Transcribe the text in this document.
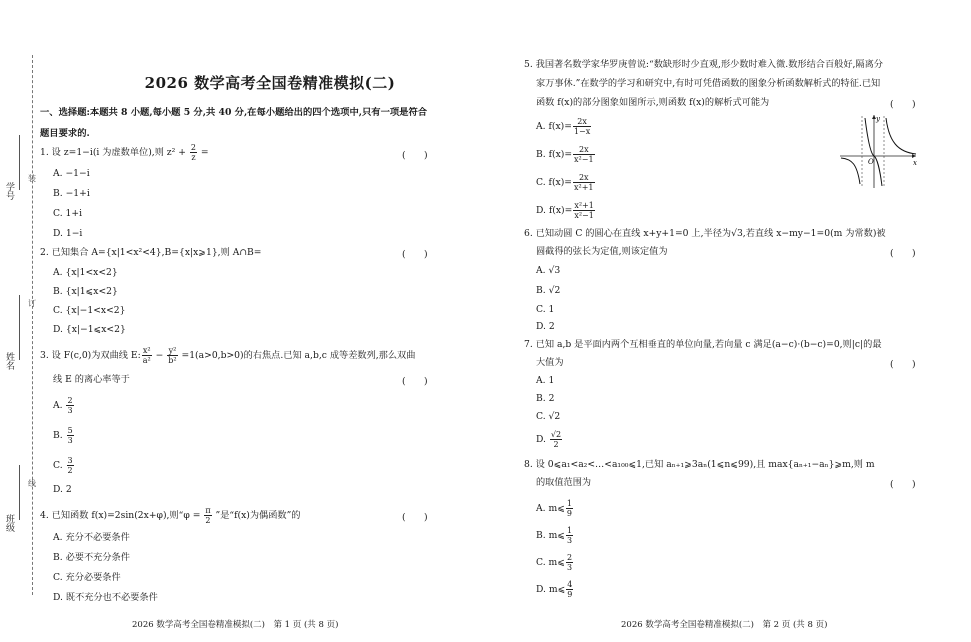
学号
姓名
班级
装
订
线
2026 数学高考全国卷精准模拟(二)
一、选择题:本题共 8 小题,每小题 5 分,共 40 分,在每小题给出的四个选项中,只有一项是符合题目要求的.
1. 设 z=1−i(i 为虚数单位),则 $z^2 + \frac{2}{z}$ =	(　　)
A. −1−i
B. −1+i
C. 1+i
D. 1−i
2. 已知集合 A={x|1<x²<4},B={x|x⩾1},则 A∩B=	(　　)
A. {x|1<x<2}
B. {x|1⩽x<2}
C. {x|−1<x<2}
D. {x|−1⩽x<2}
3. 设 F(c,0)为双曲线 E: $\frac{\text{x²}}{\text{a²}} - \frac{\text{y²}}{\text{b²}} =1(a>0,b>0)$的右焦点.已知 a,b,c 成等差数列,那么双曲
线 E 的离心率等于	(　　)
A. $\frac{2}{3}$
B. $\frac{5}{3}$
C. $\frac{3}{2}$
D. 2
4. 已知函数 f(x)=2sin(2x+φ),则“$\varphi = \frac{\pi}{2}$ ”是“f(x)为偶函数”的	(　　)
A. 充分不必要条件
B. 必要不充分条件
C. 充分必要条件
D. 既不充分也不必要条件
2026 数学高考全国卷精准模拟(二)　第 1 页 (共 8 页)
5. 我国著名数学家华罗庚曾说:“数缺形时少直观,形少数时难入微.数形结合百般好,隔离分
家万事休.”在数学的学习和研究中,有时可凭借函数的图象分析函数解析式的特征.已知
函数 f(x)的部分图象如图所示,则函数 f(x)的解析式可能为	(　　)
A. $f(x)= \frac{2x}{1-x}$
B. $f(x)= \frac{2x}{\text{x²−1}}$
C. $f(x)= \frac{2x}{\text{x²+1}}$
D. $f(x)= \frac{\text{x²+1}}{\text{x²−1}}$
y
x
O
6. 已知动圆 C 的圆心在直线 x+y+1=0 上,半径为√3,若直线 x−my−1=0(m 为常数)被
圆截得的弦长为定值,则该定值为	(　　)
A. √3
B. √2
C. 1
D. 2
7. 已知 a,b 是平面内两个互相垂直的单位向量,若向量 c 满足(a−c)·(b−c)=0,则|c|的最
大值为	(　　)
A. 1
B. 2
C. √2
D. $\frac{√2}{2}$
8. 设 0⩽a₁<a₂<…<a₁₀₀⩽1,已知 aₙ₊₁⩾3aₙ(1⩽n⩽99),且 max{aₙ₊₁−aₙ}⩾m,则 m
的取值范围为	(　　)
A. m⩽ $\frac{1}{9}$
B. m⩽ $\frac{1}{3}$
C. m⩽ $\frac{2}{3}$
D. m⩽ $\frac{4}{9}$
2026 数学高考全国卷精准模拟(二)　第 2 页 (共 8 页)
